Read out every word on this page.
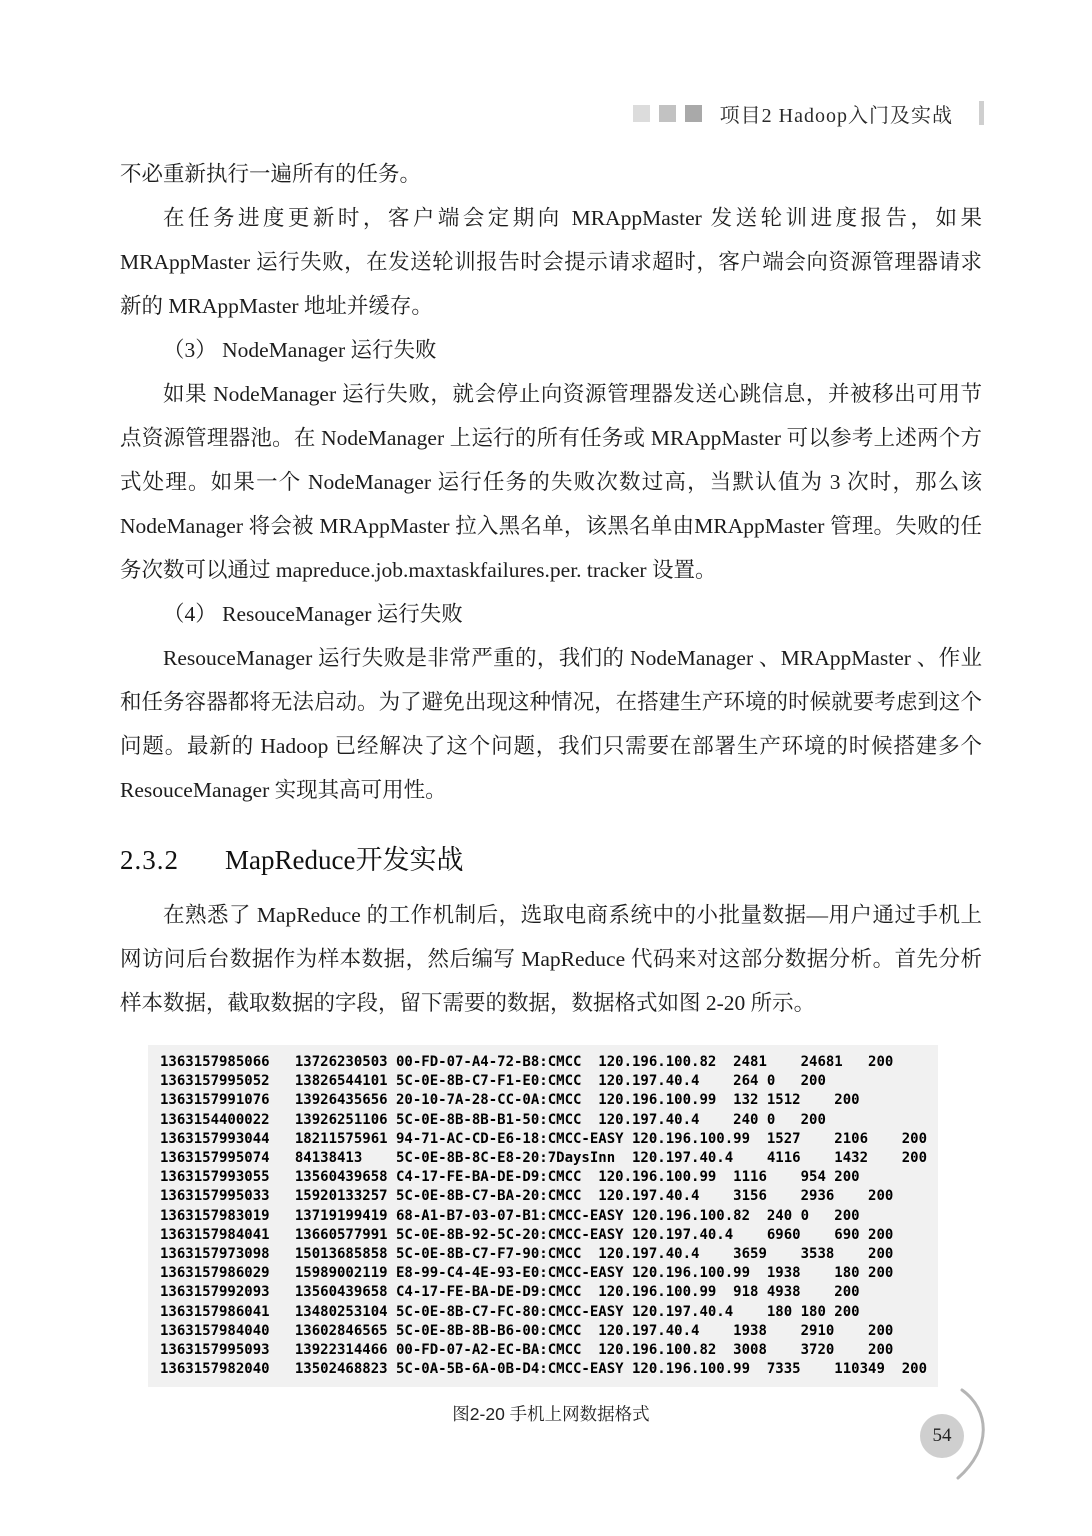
项目2 Hadoop入门及实战

不必重新执行一遍所有的任务。

在任务进度更新时，客户端会定期向 MRAppMaster 发送轮训进度报告，如果 MRAppMaster 运行失败，在发送轮训报告时会提示请求超时，客户端会向资源管理器请求新的 MRAppMaster 地址并缓存。

（3） NodeManager 运行失败

如果 NodeManager 运行失败，就会停止向资源管理器发送心跳信息，并被移出可用节点资源管理器池。在 NodeManager 上运行的所有任务或 MRAppMaster 可以参考上述两个方式处理。如果一个 NodeManager 运行任务的失败次数过高，当默认值为 3 次时，那么该 NodeManager 将会被 MRAppMaster 拉入黑名单，该黑名单由MRAppMaster 管理。失败的任务次数可以通过 mapreduce.job.maxtaskfailures.per. tracker 设置。

（4） ResouceManager 运行失败

ResouceManager 运行失败是非常严重的，我们的 NodeManager 、MRAppMaster 、作业和任务容器都将无法启动。为了避免出现这种情况，在搭建生产环境的时候就要考虑到这个问题。最新的 Hadoop 已经解决了这个问题，我们只需要在部署生产环境的时候搭建多个 ResouceManager 实现其高可用性。

2.3.2 MapReduce开发实战

在熟悉了 MapReduce 的工作机制后，选取电商系统中的小批量数据—用户通过手机上网访问后台数据作为样本数据，然后编写 MapReduce 代码来对这部分数据分析。首先分析样本数据，截取数据的字段，留下需要的数据，数据格式如图 2-20 所示。

1363157985066   13726230503 00-FD-07-A4-72-B8:CMCC  120.196.100.82  2481    24681   200
1363157995052   13826544101 5C-0E-8B-C7-F1-E0:CMCC  120.197.40.4    264 0   200
1363157991076   13926435656 20-10-7A-28-CC-0A:CMCC  120.196.100.99  132 1512    200
1363154400022   13926251106 5C-0E-8B-8B-B1-50:CMCC  120.197.40.4    240 0   200
1363157993044   18211575961 94-71-AC-CD-E6-18:CMCC-EASY 120.196.100.99  1527    2106    200
1363157995074   84138413    5C-0E-8B-8C-E8-20:7DaysInn  120.197.40.4    4116    1432    200
1363157993055   13560439658 C4-17-FE-BA-DE-D9:CMCC  120.196.100.99  1116    954 200
1363157995033   15920133257 5C-0E-8B-C7-BA-20:CMCC  120.197.40.4    3156    2936    200
1363157983019   13719199419 68-A1-B7-03-07-B1:CMCC-EASY 120.196.100.82  240 0   200
1363157984041   13660577991 5C-0E-8B-92-5C-20:CMCC-EASY 120.197.40.4    6960    690 200
1363157973098   15013685858 5C-0E-8B-C7-F7-90:CMCC  120.197.40.4    3659    3538    200
1363157986029   15989002119 E8-99-C4-4E-93-E0:CMCC-EASY 120.196.100.99  1938    180 200
1363157992093   13560439658 C4-17-FE-BA-DE-D9:CMCC  120.196.100.99  918 4938    200
1363157986041   13480253104 5C-0E-8B-C7-FC-80:CMCC-EASY 120.197.40.4    180 180 200
1363157984040   13602846565 5C-0E-8B-8B-B6-00:CMCC  120.197.40.4    1938    2910    200
1363157995093   13922314466 00-FD-07-A2-EC-BA:CMCC  120.196.100.82  3008    3720    200
1363157982040   13502468823 5C-0A-5B-6A-0B-D4:CMCC-EASY 120.196.100.99  7335    110349  200
图2-20 手机上网数据格式
54
